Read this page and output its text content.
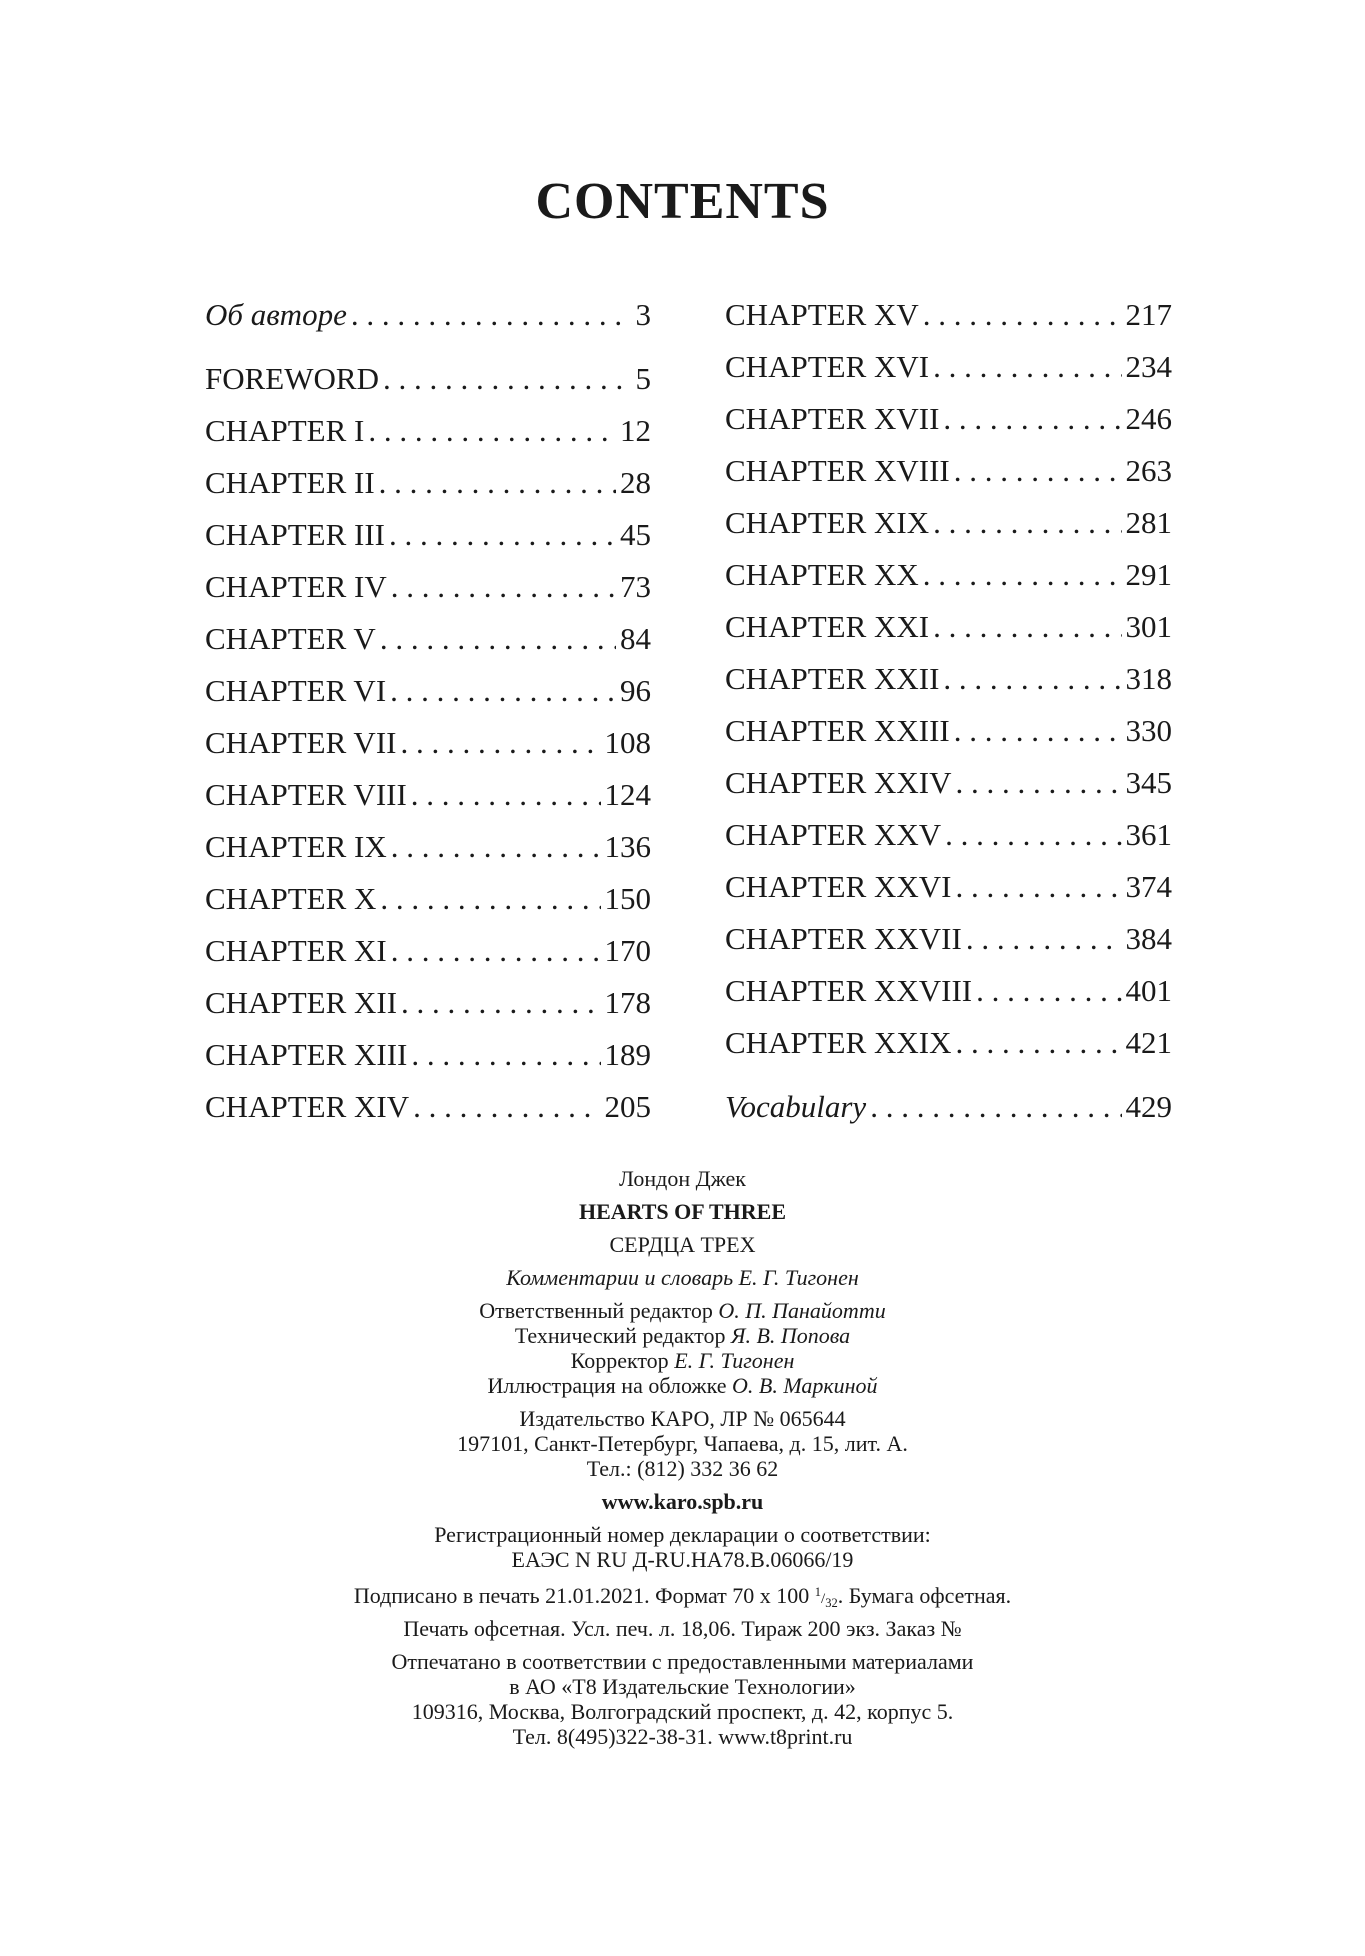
CONTENTS
Об авторе . . .	3
FOREWORD . . .	5
CHAPTER I . . .	12
CHAPTER II . . .	28
CHAPTER III . . .	45
CHAPTER IV . . .	73
CHAPTER V . . .	84
CHAPTER VI . . .	96
CHAPTER VII . . .	108
CHAPTER VIII . . .	124
CHAPTER IX . . .	136
CHAPTER X . . .	150
CHAPTER XI . . .	170
CHAPTER XII . . .	178
CHAPTER XIII . . .	189
CHAPTER XIV . . .	205
CHAPTER XV . . .	217
CHAPTER XVI . . .	234
CHAPTER XVII . . .	246
CHAPTER XVIII . . .	263
CHAPTER XIX . . .	281
CHAPTER XX . . .	291
CHAPTER XXI . . .	301
CHAPTER XXII . . .	318
CHAPTER XXIII . . .	330
CHAPTER XXIV . . .	345
CHAPTER XXV . . .	361
CHAPTER XXVI . . .	374
CHAPTER XXVII . . .	384
CHAPTER XXVIII . . .	401
CHAPTER XXIX . . .	421
Vocabulary . . .	429
Лондон Джек
HEARTS OF THREE
СЕРДЦА ТРЕХ
Комментарии и словарь Е. Г. Тигонен
Ответственный редактор О. П. Панайотти
Технический редактор Я. В. Попова
Корректор Е. Г. Тигонен
Иллюстрация на обложке О. В. Маркиной
Издательство КАРО, ЛР № 065644
197101, Санкт-Петербург, Чапаева, д. 15, лит. А.
Тел.: (812) 332 36 62
www.karo.spb.ru
Регистрационный номер декларации о соответствии:
ЕАЭС N RU Д-RU.HA78.B.06066/19
Подписано в печать 21.01.2021. Формат 70 х 100 $^1/_{32}$. Бумага офсетная.
Печать офсетная. Усл. печ. л. 18,06. Тираж 200 экз. Заказ №
Отпечатано в соответствии с предоставленными материалами
в АО «Т8 Издательские Технологии»
109316, Москва, Волгоградский проспект, д. 42, корпус 5.
Тел. 8(495)322-38-31. www.t8print.ru
